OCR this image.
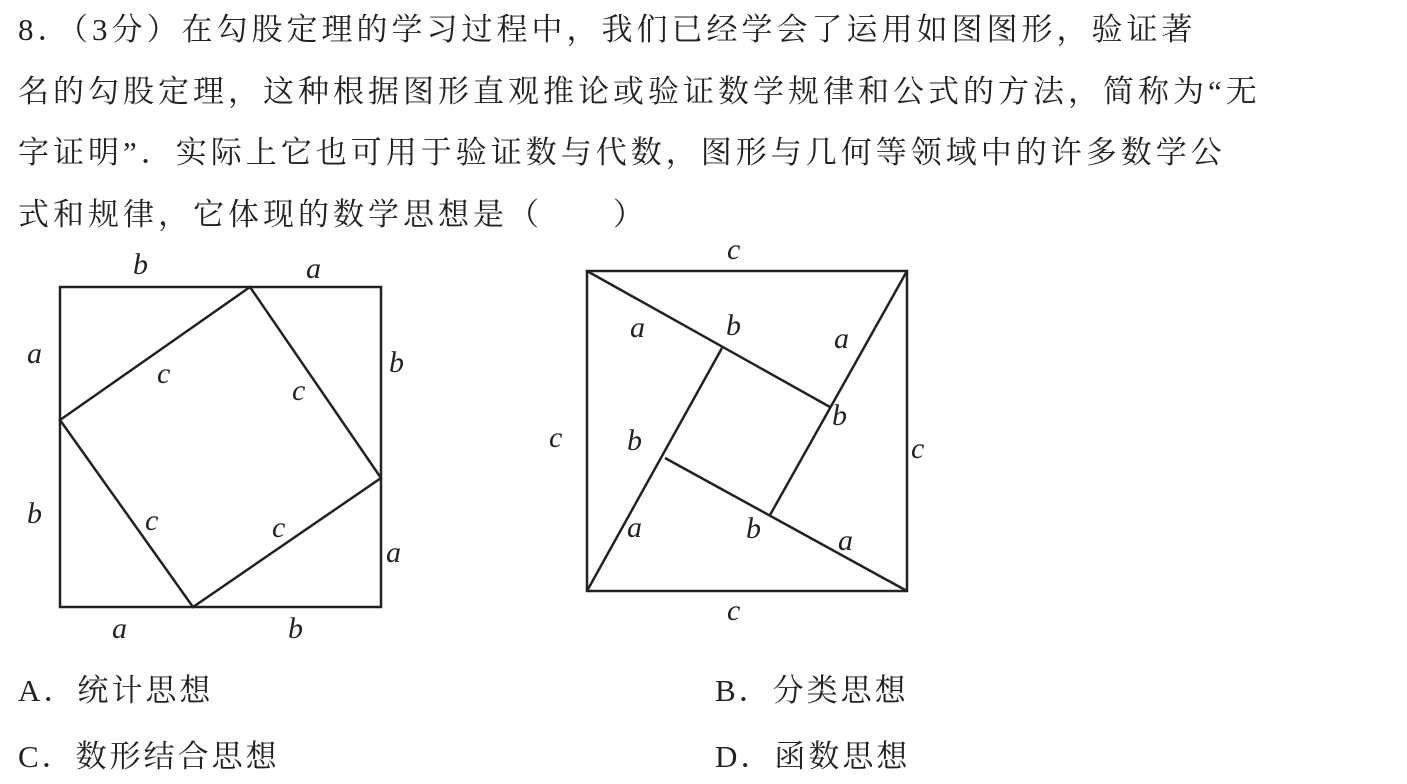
8．（3分）在勾股定理的学习过程中，我们已经学会了运用如图图形，验证著
名的勾股定理，这种根据图形直观推论或验证数学规律和公式的方法，简称为“无
字证明”．实际上它也可用于验证数与代数，图形与几何等领域中的许多数学公
式和规律，它体现的数学思想是（　　）
b	a
a	b
c
c
b	c	c
a
a	b
c
a	b	a
c b
b
c
a	b	a
c
A．统计思想	B．分类思想
C．数形结合思想	D．函数思想
